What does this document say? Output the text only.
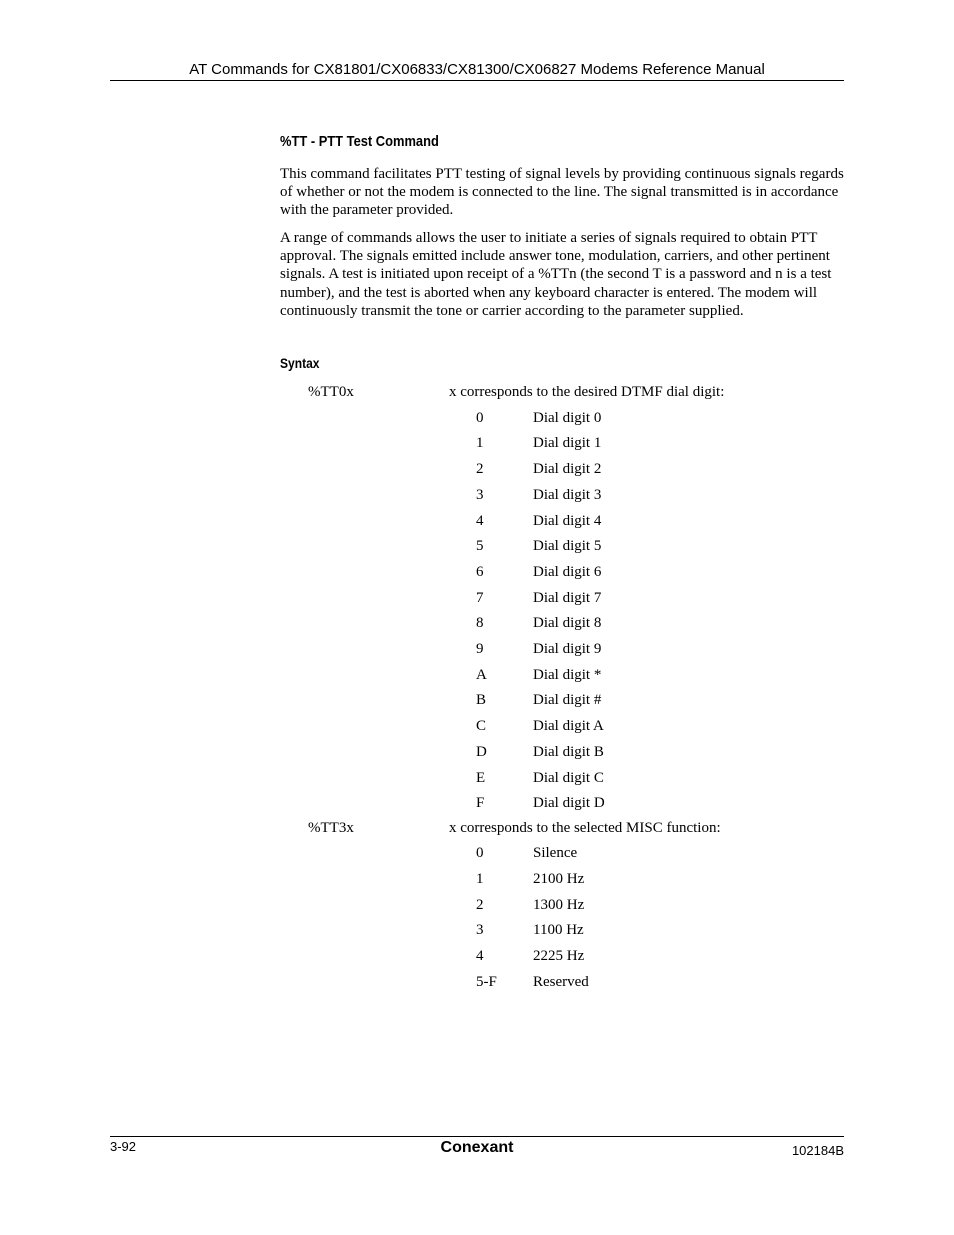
AT Commands for CX81801/CX06833/CX81300/CX06827 Modems Reference Manual
%TT - PTT Test Command

This command facilitates PTT testing of signal levels by providing continuous signals regards of whether or not the modem is connected to the line. The signal transmitted is in accordance with the parameter provided.

A range of commands allows the user to initiate a series of signals required to obtain PTT approval. The signals emitted include answer tone, modulation, carriers, and other pertinent signals. A test is initiated upon receipt of a %TTn (the second T is a password and n is a test number), and the test is aborted when any keyboard character is entered. The modem will continuously transmit the tone or carrier according to the parameter supplied.

Syntax
%TT0x	x corresponds to the desired DTMF dial digit:
0	Dial digit 0
1	Dial digit 1
2	Dial digit 2
3	Dial digit 3
4	Dial digit 4
5	Dial digit 5
6	Dial digit 6
7	Dial digit 7
8	Dial digit 8
9	Dial digit 9
A	Dial digit *
B	Dial digit #
C	Dial digit A
D	Dial digit B
E	Dial digit C
F	Dial digit D
%TT3x	x corresponds to the selected MISC function:
0	Silence
1	2100 Hz
2	1300 Hz
3	1100 Hz
4	2225 Hz
5-F Reserved
3-92	Conexant	102184B
